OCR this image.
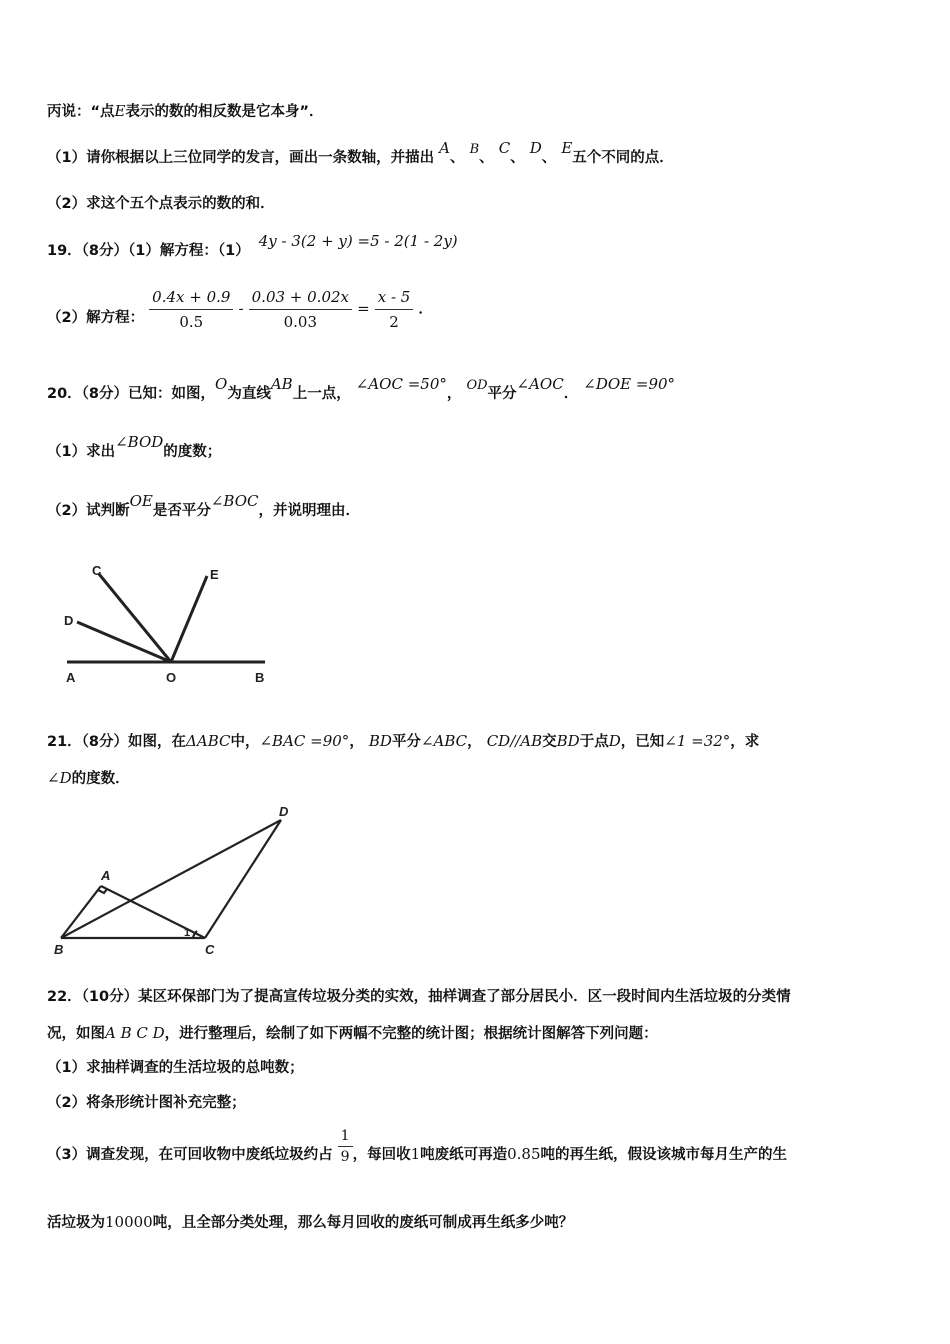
丙说：“点E表示的数的相反数是它本身”．
（1）请你根据以上三位同学的发言，画出一条数轴，并描出 A、 B、 C、 D、 E五个不同的点．
（2）求这个五个点表示的数的和．
19．（8分）（1）解方程：（1） 4y - 3(2 + y) =5 - 2(1 - 2y)
（2）解方程： $\frac{0.4x + 0.9}{0.5} - \frac{0.03 + 0.02x}{0.03} = \frac{x - 5}{2}$ ．
20．（8分）已知：如图，O为直线AB上一点， ∠AOC =50°， OD平分∠AOC． ∠DOE =90°
（1）求出∠BOD的度数；
（2）试判断OE是否平分∠BOC，并说明理由．
C	E
D
A	O	B
21．（8分）如图，在ΔABC中，∠BAC =90°， BD平分∠ABC， CD//AB交BD于点D，已知∠1 =32°，求
∠D的度数．
A
B	C
D
1
22．（10分）某区环保部门为了提高宣传垃圾分类的实效，抽样调查了部分居民小．区一段时间内生活垃圾的分类情
况，如图A B C D，进行整理后，绘制了如下两幅不完整的统计图；根据统计图解答下列问题：
（1）求抽样调查的生活垃圾的总吨数；
（2）将条形统计图补充完整；
（3）调查发现，在可回收物中废纸垃圾约占 $\frac{1}{9}$ ，每回收1吨废纸可再造0.85吨的再生纸，假设该城市每月生产的生
活垃圾为10000吨，且全部分类处理，那么每月回收的废纸可制成再生纸多少吨？
